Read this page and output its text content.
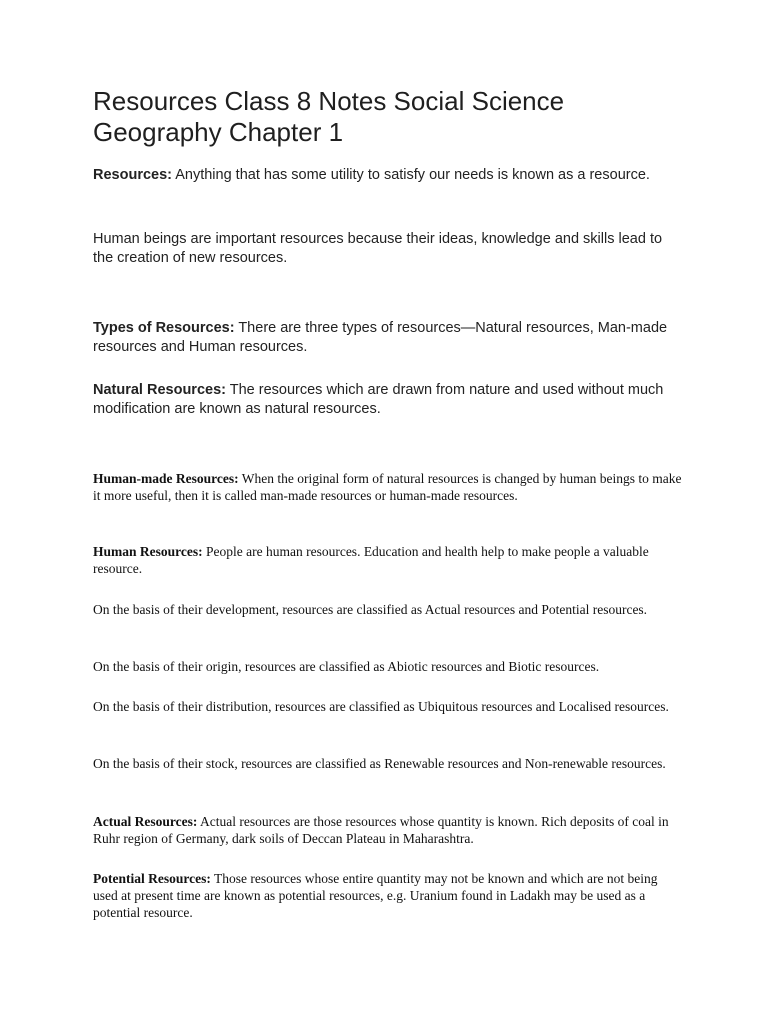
Resources Class 8 Notes Social Science Geography Chapter 1

Resources: Anything that has some utility to satisfy our needs is known as a resource.

Human beings are important resources because their ideas, knowledge and skills lead to the creation of new resources.

Types of Resources: There are three types of resources—Natural resources, Man-made resources and Human resources.

Natural Resources: The resources which are drawn from nature and used without much modification are known as natural resources.

Human-made Resources: When the original form of natural resources is changed by human beings to make it more useful, then it is called man-made resources or human-made resources.

Human Resources: People are human resources. Education and health help to make people a valuable resource.

On the basis of their development, resources are classified as Actual resources and Potential resources.

On the basis of their origin, resources are classified as Abiotic resources and Biotic resources.

On the basis of their distribution, resources are classified as Ubiquitous resources and Localised resources.

On the basis of their stock, resources are classified as Renewable resources and Non-renewable resources.

Actual Resources: Actual resources are those resources whose quantity is known. Rich deposits of coal in Ruhr region of Germany, dark soils of Deccan Plateau in Maharashtra.

Potential Resources: Those resources whose entire quantity may not be known and which are not being used at present time are known as potential resources, e.g. Uranium found in Ladakh may be used as a potential resource.
